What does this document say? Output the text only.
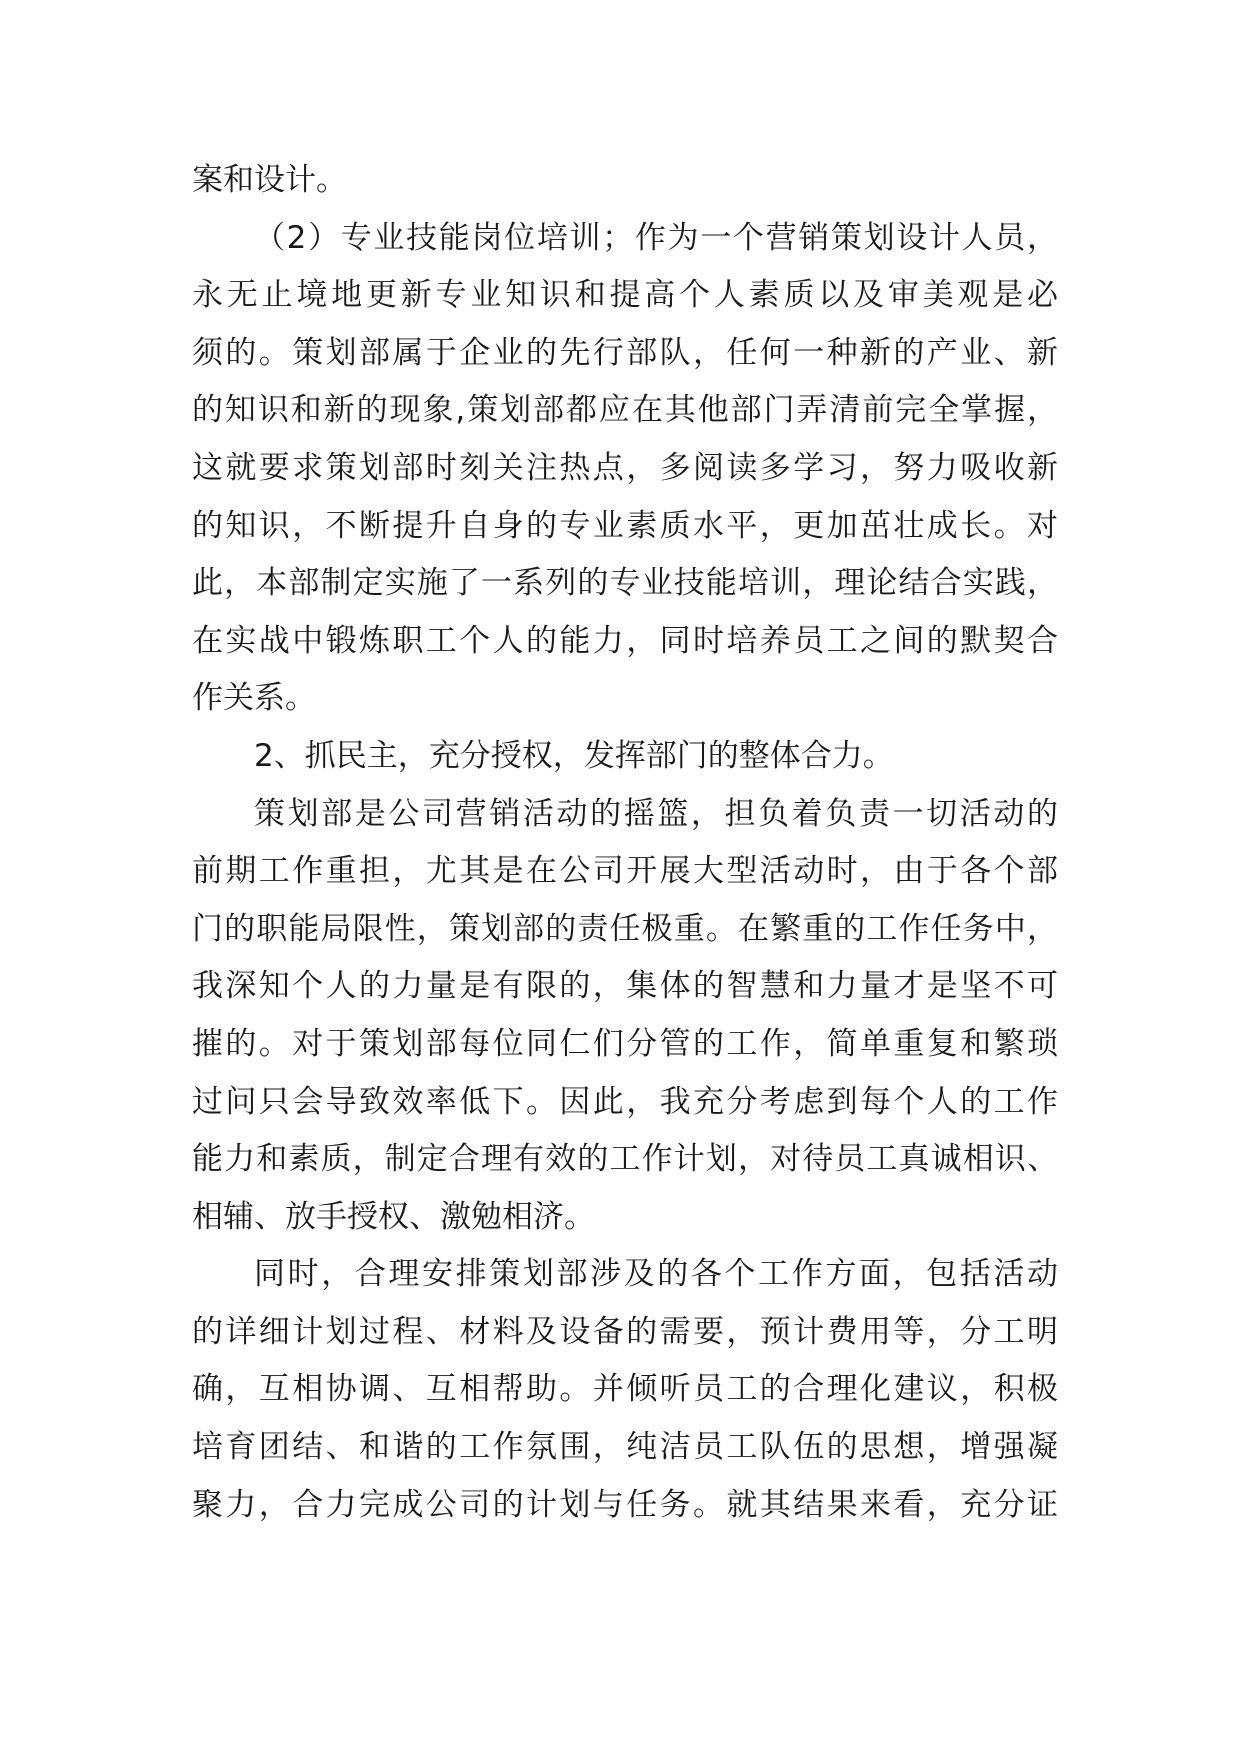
案和设计。
（2）专业技能岗位培训；作为一个营销策划设计人员，
永无止境地更新专业知识和提高个人素质以及审美观是必
须的。策划部属于企业的先行部队，任何一种新的产业、新
的知识和新的现象,策划部都应在其他部门弄清前完全掌握，
这就要求策划部时刻关注热点，多阅读多学习，努力吸收新
的知识，不断提升自身的专业素质水平，更加茁壮成长。对
此，本部制定实施了一系列的专业技能培训，理论结合实践，
在实战中锻炼职工个人的能力，同时培养员工之间的默契合
作关系。
2、抓民主，充分授权，发挥部门的整体合力。
策划部是公司营销活动的摇篮，担负着负责一切活动的
前期工作重担，尤其是在公司开展大型活动时，由于各个部
门的职能局限性，策划部的责任极重。在繁重的工作任务中，
我深知个人的力量是有限的，集体的智慧和力量才是坚不可
摧的。对于策划部每位同仁们分管的工作，简单重复和繁琐
过问只会导致效率低下。因此，我充分考虑到每个人的工作
能力和素质，制定合理有效的工作计划，对待员工真诚相识、
相辅、放手授权、激勉相济。
同时，合理安排策划部涉及的各个工作方面，包括活动
的详细计划过程、材料及设备的需要，预计费用等，分工明
确，互相协调、互相帮助。并倾听员工的合理化建议，积极
培育团结、和谐的工作氛围，纯洁员工队伍的思想，增强凝
聚力，合力完成公司的计划与任务。就其结果来看，充分证
